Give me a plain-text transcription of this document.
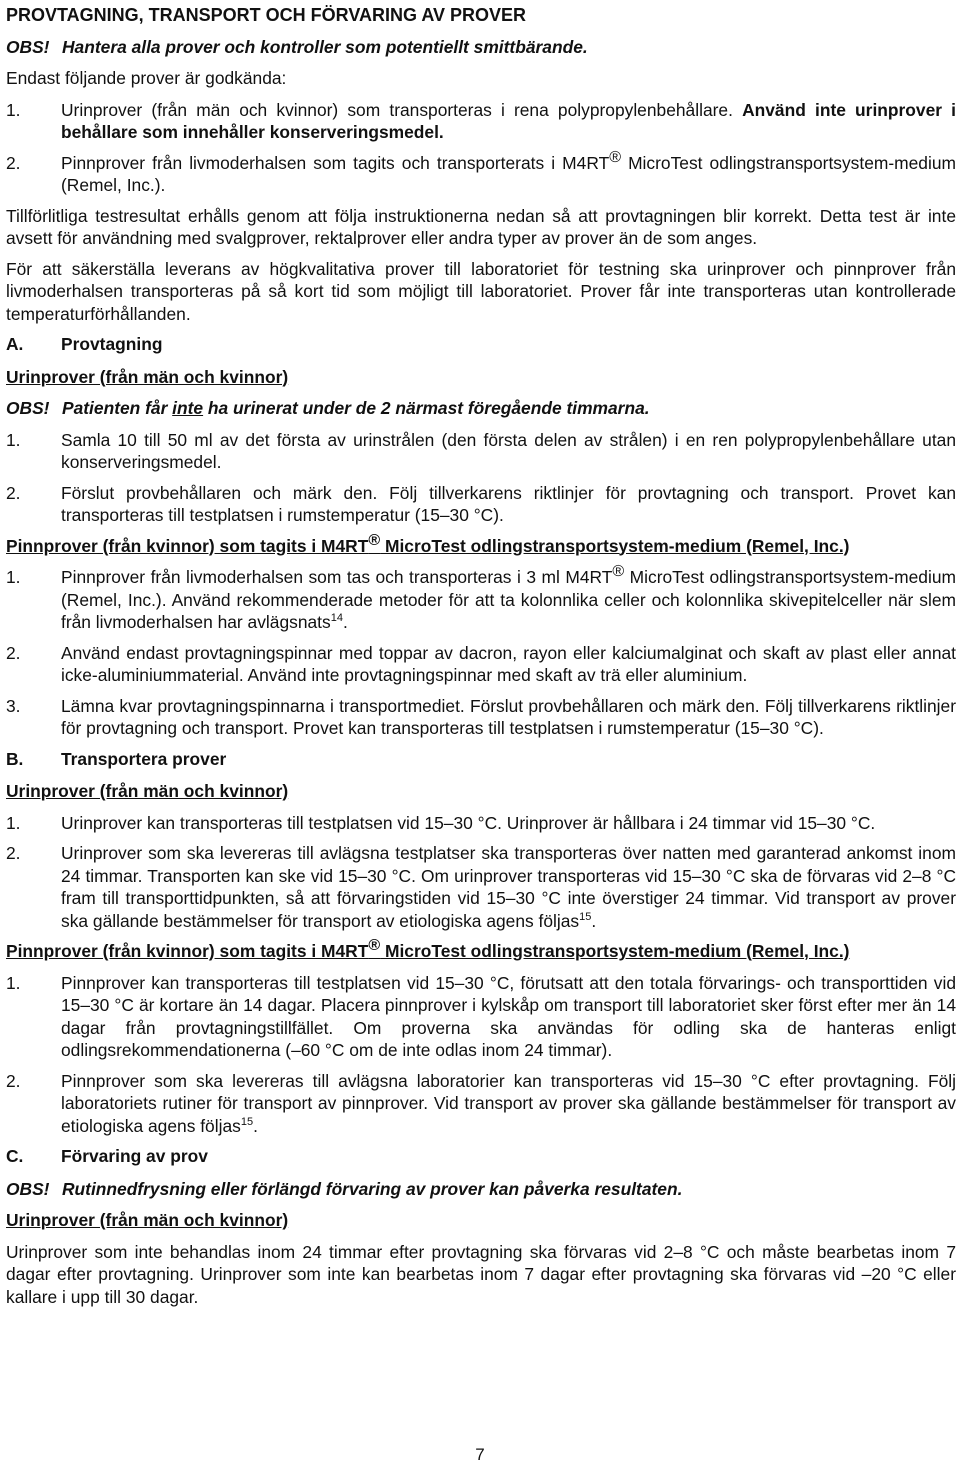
PROVTAGNING, TRANSPORT OCH FÖRVARING AV PROVER

OBS! Hantera alla prover och kontroller som potentiellt smittbärande.

Endast följande prover är godkända:

1. Urinprover (från män och kvinnor) som transporteras i rena polypropylenbehållare. Använd inte urinprover i behållare som innehåller konserveringsmedel.
2. Pinnprover från livmoderhalsen som tagits och transporterats i M4RT® MicroTest odlingstransportsystem-medium (Remel, Inc.).

Tillförlitliga testresultat erhålls genom att följa instruktionerna nedan så att provtagningen blir korrekt. Detta test är inte avsett för användning med svalgprover, rektalprover eller andra typer av prover än de som anges.

För att säkerställa leverans av högkvalitativa prover till laboratoriet för testning ska urinprover och pinnprover från livmoderhalsen transporteras på så kort tid som möjligt till laboratoriet. Prover får inte transporteras utan kontrollerade temperaturförhållanden.

A. Provtagning

Urinprover (från män och kvinnor)

OBS! Patienten får inte ha urinerat under de 2 närmast föregående timmarna.

1. Samla 10 till 50 ml av det första av urinstrålen (den första delen av strålen) i en ren polypropylenbehållare utan konserveringsmedel.
2. Förslut provbehållaren och märk den. Följ tillverkarens riktlinjer för provtagning och transport. Provet kan transporteras till testplatsen i rumstemperatur (15–30 °C).

Pinnprover (från kvinnor) som tagits i M4RT® MicroTest odlingstransportsystem-medium (Remel, Inc.)

1. Pinnprover från livmoderhalsen som tas och transporteras i 3 ml M4RT® MicroTest odlingstransportsystem-medium (Remel, Inc.). Använd rekommenderade metoder för att ta kolonnlika celler och kolonnlika skivepitelceller när slem från livmoderhalsen har avlägsnats$^{14}$.
2. Använd endast provtagningspinnar med toppar av dacron, rayon eller kalciumalginat och skaft av plast eller annat icke-aluminiummaterial. Använd inte provtagningspinnar med skaft av trä eller aluminium.
3. Lämna kvar provtagningspinnarna i transportmediet. Förslut provbehållaren och märk den. Följ tillverkarens riktlinjer för provtagning och transport. Provet kan transporteras till testplatsen i rumstemperatur (15–30 °C).

B. Transportera prover

Urinprover (från män och kvinnor)

1. Urinprover kan transporteras till testplatsen vid 15–30 °C. Urinprover är hållbara i 24 timmar vid 15–30 °C.
2. Urinprover som ska levereras till avlägsna testplatser ska transporteras över natten med garanterad ankomst inom 24 timmar. Transporten kan ske vid 15–30 °C. Om urinprover transporteras vid 15–30 °C ska de förvaras vid 2–8 °C fram till transporttidpunkten, så att förvaringstiden vid 15–30 °C inte överstiger 24 timmar. Vid transport av prover ska gällande bestämmelser för transport av etiologiska agens följas$^{15}$.

Pinnprover (från kvinnor) som tagits i M4RT® MicroTest odlingstransportsystem-medium (Remel, Inc.)

1. Pinnprover kan transporteras till testplatsen vid 15–30 °C, förutsatt att den totala förvarings- och transporttiden vid 15–30 °C är kortare än 14 dagar. Placera pinnprover i kylskåp om transport till laboratoriet sker först efter mer än 14 dagar från provtagningstillfället. Om proverna ska användas för odling ska de hanteras enligt odlingsrekommendationerna (–60 °C om de inte odlas inom 24 timmar).
2. Pinnprover som ska levereras till avlägsna laboratorier kan transporteras vid 15–30 °C efter provtagning. Följ laboratoriets rutiner för transport av pinnprover. Vid transport av prover ska gällande bestämmelser för transport av etiologiska agens följas$^{15}$.

C. Förvaring av prov

OBS! Rutinnedfrysning eller förlängd förvaring av prover kan påverka resultaten.

Urinprover (från män och kvinnor)

Urinprover som inte behandlas inom 24 timmar efter provtagning ska förvaras vid 2–8 °C och måste bearbetas inom 7 dagar efter provtagning. Urinprover som inte kan bearbetas inom 7 dagar efter provtagning ska förvaras vid –20 °C eller kallare i upp till 30 dagar.

7
